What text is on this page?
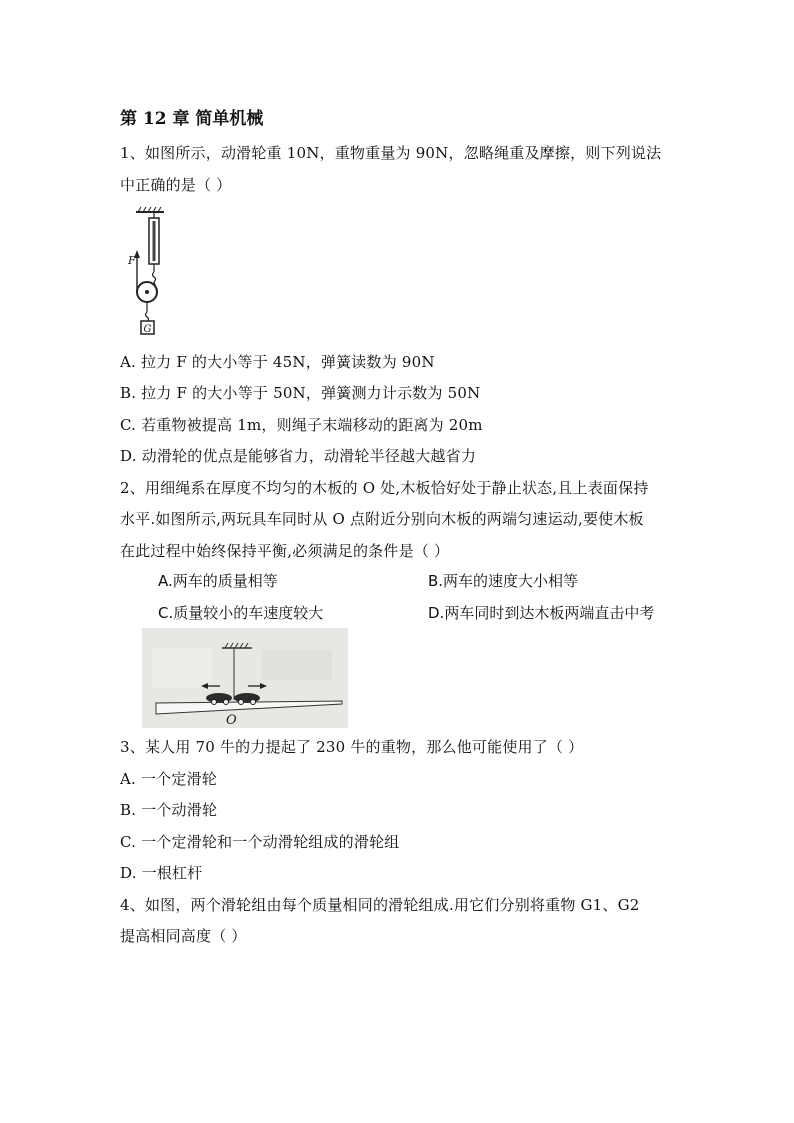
第 12 章 简单机械
1、如图所示，动滑轮重 10N，重物重量为 90N，忽略绳重及摩擦，则下列说法
中正确的是（ ）
F
G
A. 拉力 F 的大小等于 45N，弹簧读数为 90N
B. 拉力 F 的大小等于 50N，弹簧测力计示数为 50N
C. 若重物被提高 1m，则绳子末端移动的距离为 20m
D. 动滑轮的优点是能够省力，动滑轮半径越大越省力
2、用细绳系在厚度不均匀的木板的 O 处,木板恰好处于静止状态,且上表面保持
水平.如图所示,两玩具车同时从 O 点附近分别向木板的两端匀速运动,要使木板
在此过程中始终保持平衡,必须满足的条件是（ ）
A.两车的质量相等	B.两车的速度大小相等
C.质量较小的车速度较大	D.两车同时到达木板两端直击中考
O
3、某人用 70 牛的力提起了 230 牛的重物，那么他可能使用了（ ）
A. 一个定滑轮
B. 一个动滑轮
C. 一个定滑轮和一个动滑轮组成的滑轮组
D. 一根杠杆
4、如图，两个滑轮组由每个质量相同的滑轮组成.用它们分别将重物 G1、G2
提高相同高度（ ）
